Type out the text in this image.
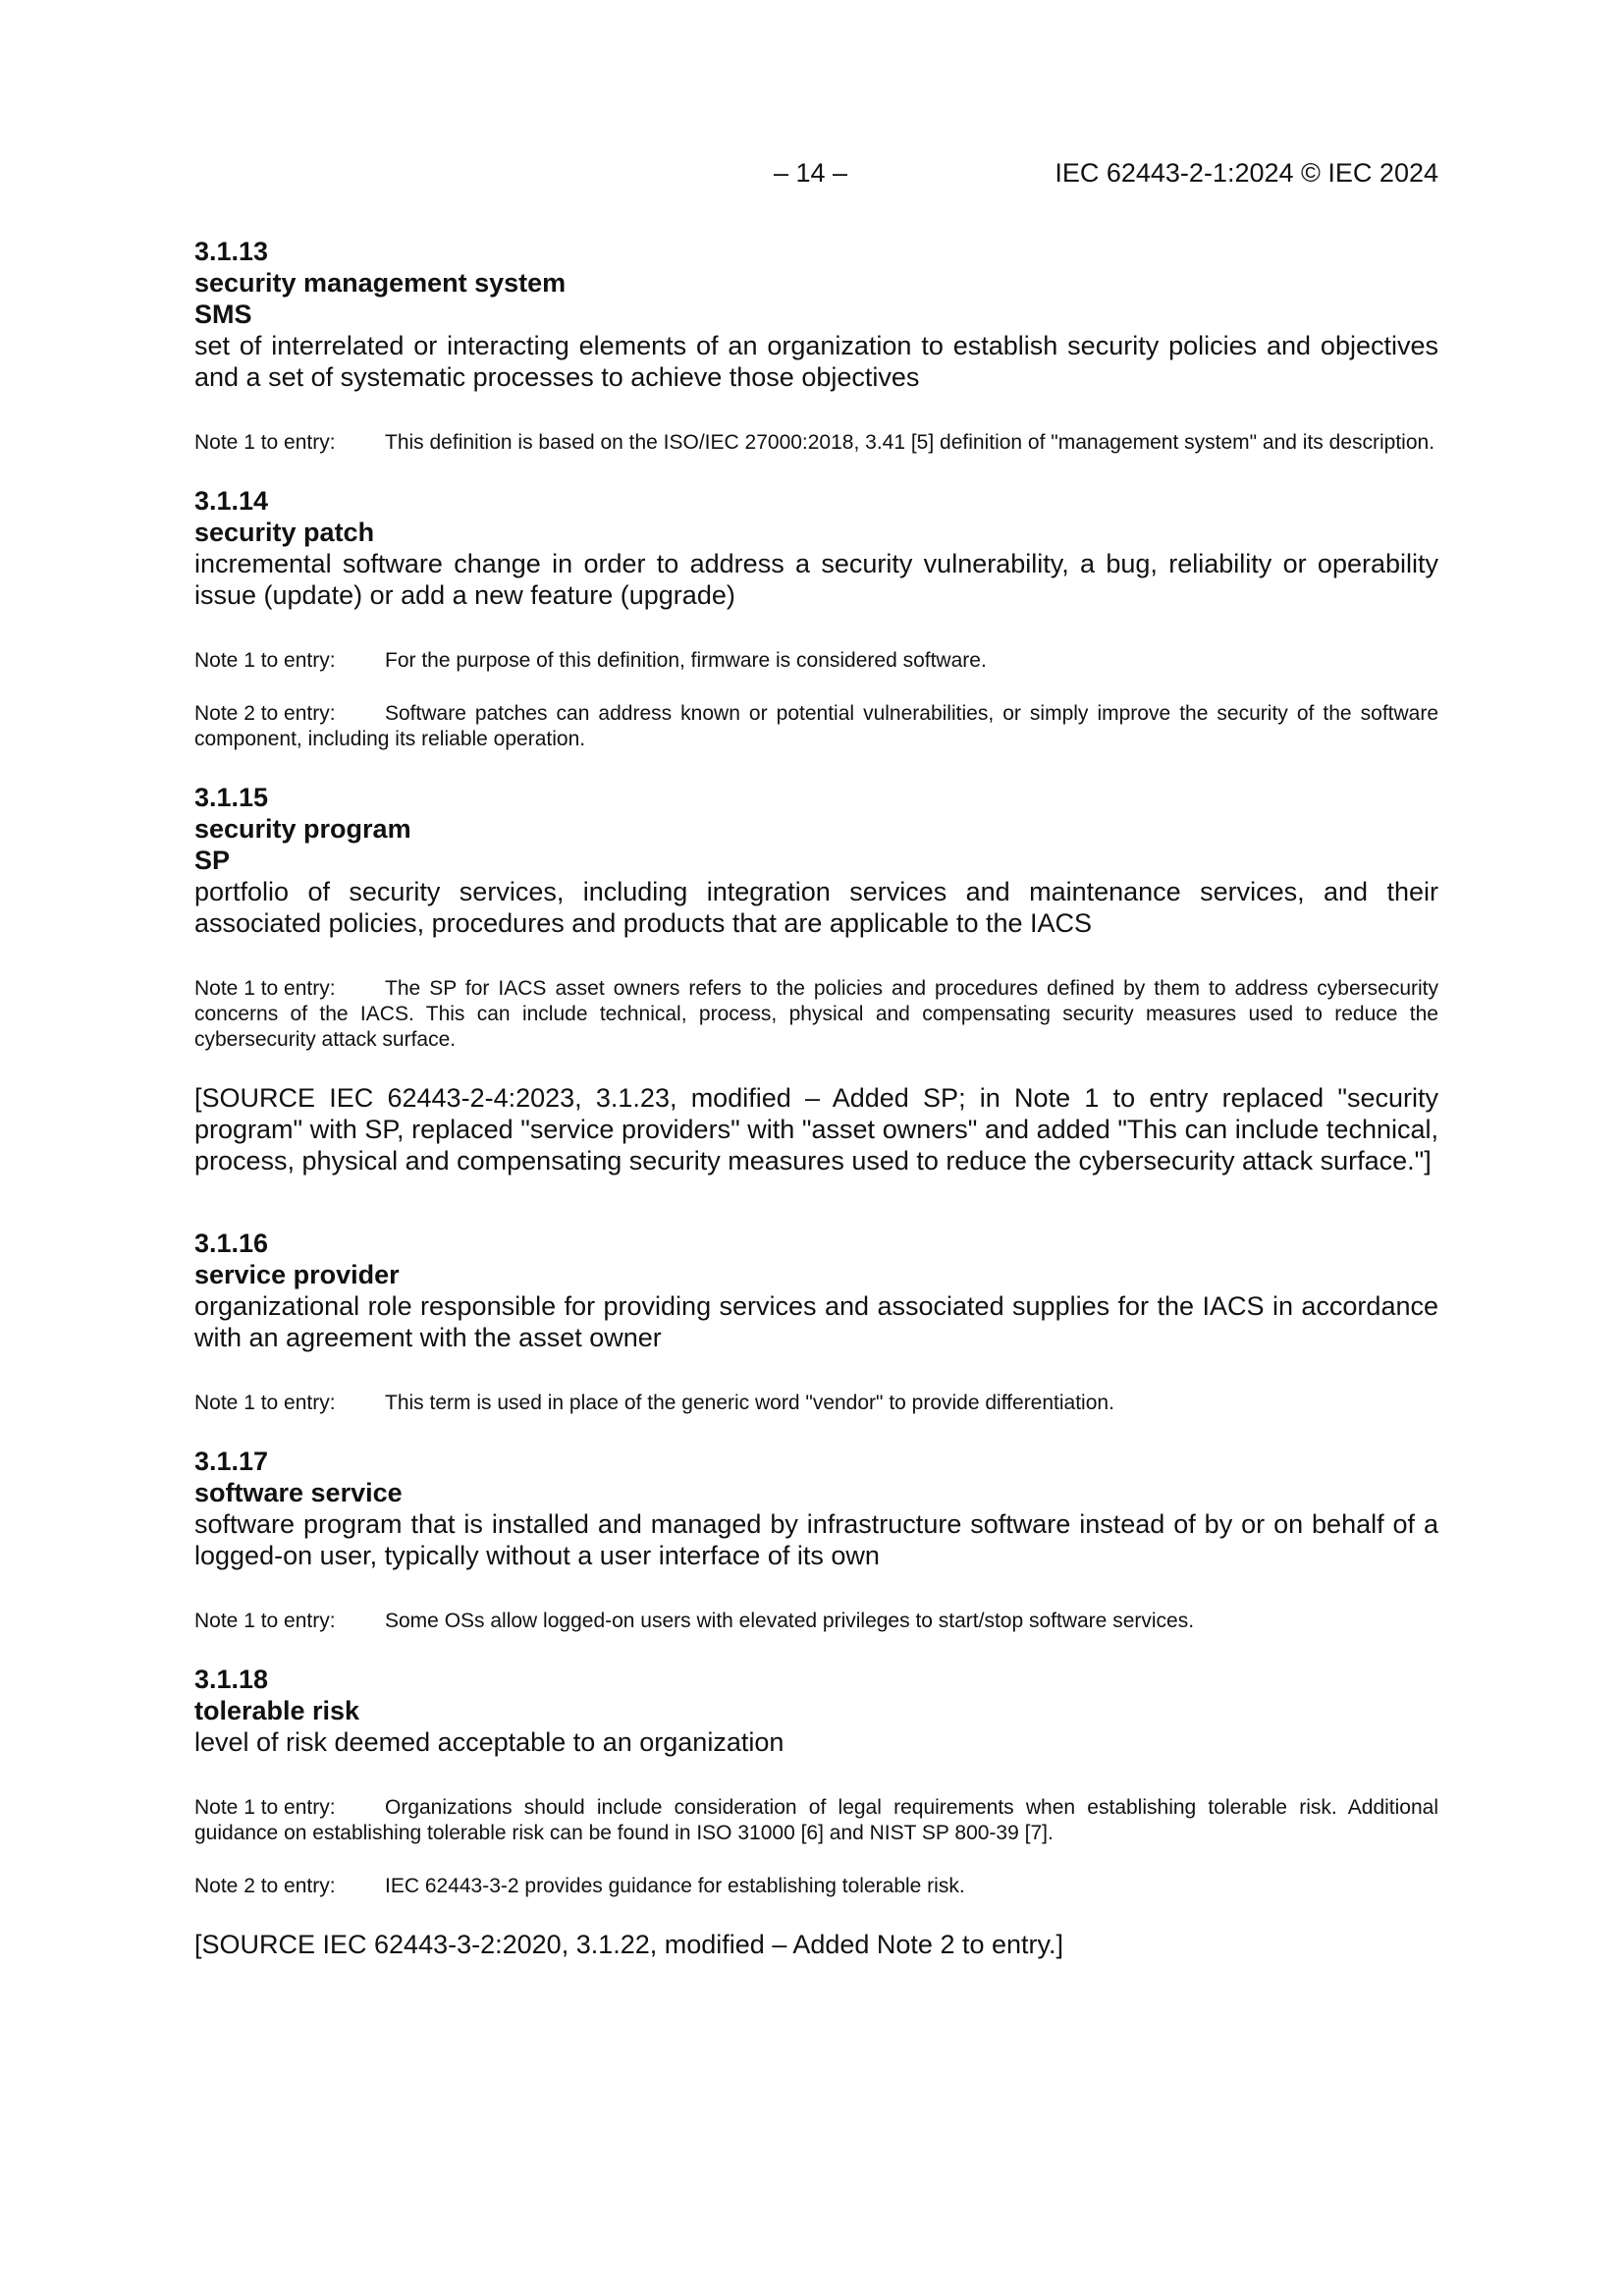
– 14 –	IEC 62443-2-1:2024 © IEC 2024

3.1.13

security management system

SMS

set of interrelated or interacting elements of an organization to establish security policies and objectives and a set of systematic processes to achieve those objectives

Note 1 to entry: This definition is based on the ISO/IEC 27000:2018, 3.41 [5] definition of "management system" and its description.

3.1.14

security patch

incremental software change in order to address a security vulnerability, a bug, reliability or operability issue (update) or add a new feature (upgrade)

Note 1 to entry: For the purpose of this definition, firmware is considered software.

Note 2 to entry: Software patches can address known or potential vulnerabilities, or simply improve the security of the software component, including its reliable operation.

3.1.15

security program

SP

portfolio of security services, including integration services and maintenance services, and their associated policies, procedures and products that are applicable to the IACS

Note 1 to entry: The SP for IACS asset owners refers to the policies and procedures defined by them to address cybersecurity concerns of the IACS. This can include technical, process, physical and compensating security measures used to reduce the cybersecurity attack surface.

[SOURCE IEC 62443-2-4:2023, 3.1.23, modified – Added SP; in Note 1 to entry replaced "security program" with SP, replaced "service providers" with "asset owners" and added "This can include technical, process, physical and compensating security measures used to reduce the cybersecurity attack surface."]

3.1.16

service provider

organizational role responsible for providing services and associated supplies for the IACS in accordance with an agreement with the asset owner

Note 1 to entry: This term is used in place of the generic word "vendor" to provide differentiation.

3.1.17

software service

software program that is installed and managed by infrastructure software instead of by or on behalf of a logged-on user, typically without a user interface of its own

Note 1 to entry: Some OSs allow logged-on users with elevated privileges to start/stop software services.

3.1.18

tolerable risk

level of risk deemed acceptable to an organization

Note 1 to entry: Organizations should include consideration of legal requirements when establishing tolerable risk. Additional guidance on establishing tolerable risk can be found in ISO 31000 [6] and NIST SP 800-39 [7].

Note 2 to entry: IEC 62443-3-2 provides guidance for establishing tolerable risk.

[SOURCE IEC 62443-3-2:2020, 3.1.22, modified – Added Note 2 to entry.]
